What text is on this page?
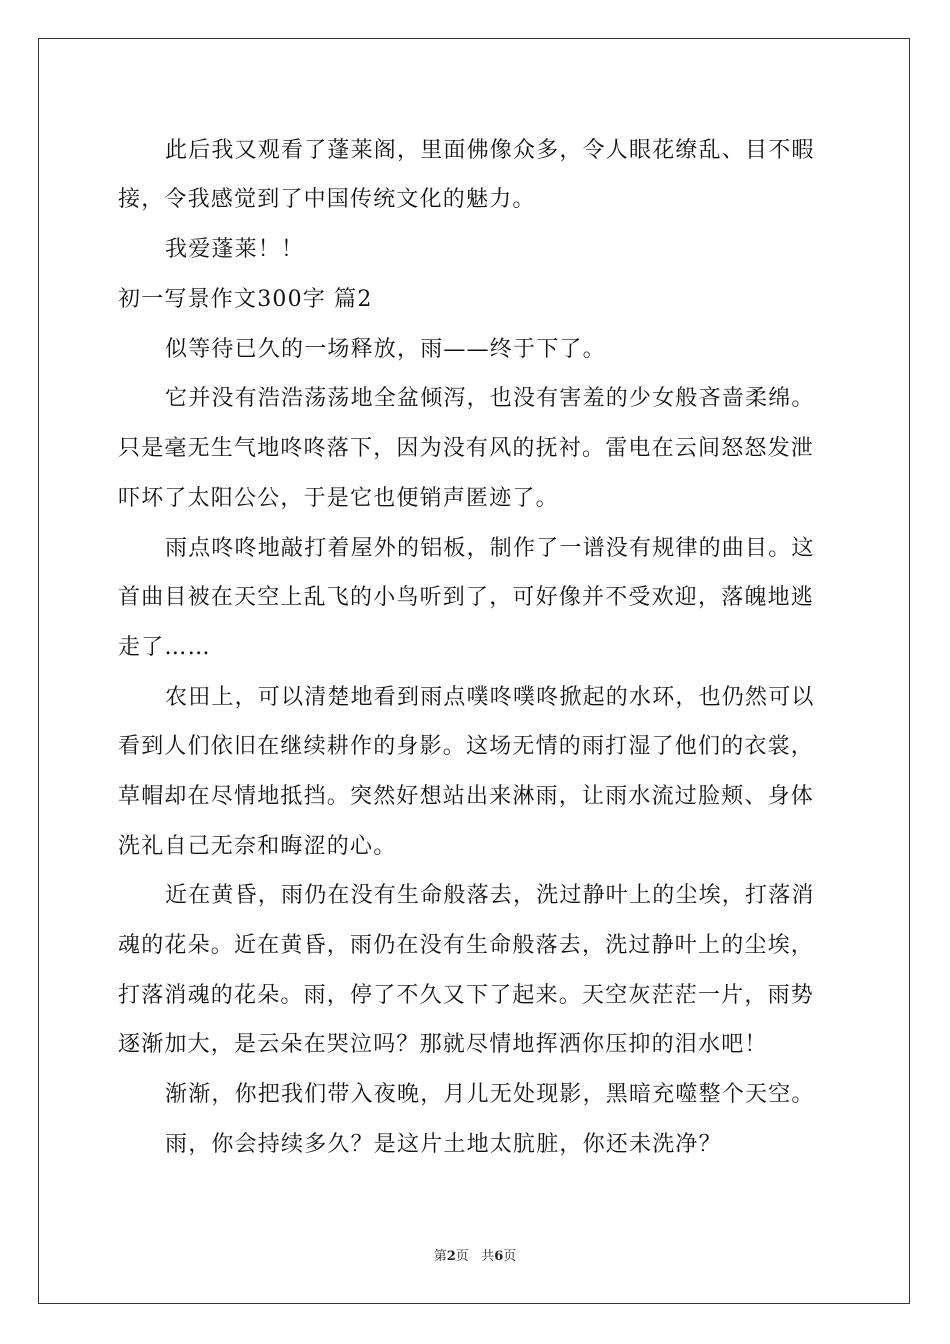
此后我又观看了蓬莱阁，里面佛像众多，令人眼花缭乱、目不暇
接，令我感觉到了中国传统文化的魅力。
我爱蓬莱！！
初一写景作文300字 篇2
似等待已久的一场释放，雨——终于下了。
它并没有浩浩荡荡地全盆倾泻，也没有害羞的少女般吝啬柔绵。
只是毫无生气地咚咚落下，因为没有风的抚衬。雷电在云间怒怒发泄
吓坏了太阳公公，于是它也便销声匿迹了。
雨点咚咚地敲打着屋外的铝板，制作了一谱没有规律的曲目。这
首曲目被在天空上乱飞的小鸟听到了，可好像并不受欢迎，落魄地逃
走了……
农田上，可以清楚地看到雨点噗咚噗咚掀起的水环，也仍然可以
看到人们依旧在继续耕作的身影。这场无情的雨打湿了他们的衣裳，
草帽却在尽情地抵挡。突然好想站出来淋雨，让雨水流过脸颊、身体
洗礼自己无奈和晦涩的心。
近在黄昏，雨仍在没有生命般落去，洗过静叶上的尘埃，打落消
魂的花朵。近在黄昏，雨仍在没有生命般落去，洗过静叶上的尘埃，
打落消魂的花朵。雨，停了不久又下了起来。天空灰茫茫一片，雨势
逐渐加大，是云朵在哭泣吗？那就尽情地挥洒你压抑的泪水吧！
渐渐，你把我们带入夜晚，月儿无处现影，黑暗充噬整个天空。
雨，你会持续多久？是这片土地太肮脏，你还未洗净？
第2页   共6页
